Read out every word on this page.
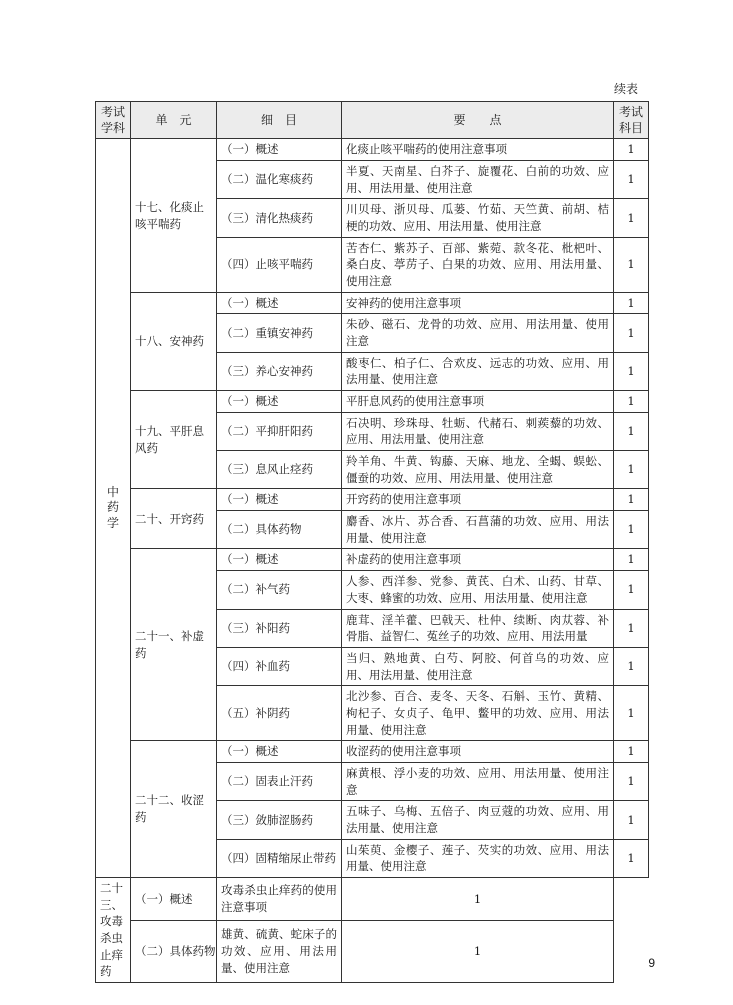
续表
考试学科	单　元	细　目	要　　点	考试科目

中药学	十七、化痰止咳平喘药	（一）概述	化痰止咳平喘药的使用注意事项	1
		（二）温化寒痰药	半夏、天南星、白芥子、旋覆花、白前的功效、应用、用法用量、使用注意	1
		（三）清化热痰药	川贝母、浙贝母、瓜蒌、竹茹、天竺黄、前胡、桔梗的功效、应用、用法用量、使用注意	1
		（四）止咳平喘药	苦杏仁、紫苏子、百部、紫菀、款冬花、枇杷叶、桑白皮、葶苈子、白果的功效、应用、用法用量、使用注意	1
	十八、安神药	（一）概述	安神药的使用注意事项	1
		（二）重镇安神药	朱砂、磁石、龙骨的功效、应用、用法用量、使用注意	1
		（三）养心安神药	酸枣仁、柏子仁、合欢皮、远志的功效、应用、用法用量、使用注意	1
	十九、平肝息风药	（一）概述	平肝息风药的使用注意事项	1
		（二）平抑肝阳药	石决明、珍珠母、牡蛎、代赭石、刺蒺藜的功效、应用、用法用量、使用注意	1
		（三）息风止痉药	羚羊角、牛黄、钩藤、天麻、地龙、全蝎、蜈蚣、僵蚕的功效、应用、用法用量、使用注意	1
	二十、开窍药	（一）概述	开窍药的使用注意事项	1
		（二）具体药物	麝香、冰片、苏合香、石菖蒲的功效、应用、用法用量、使用注意	1
	二十一、补虚药	（一）概述	补虚药的使用注意事项	1
		（二）补气药	人参、西洋参、党参、黄芪、白术、山药、甘草、大枣、蜂蜜的功效、应用、用法用量、使用注意	1
		（三）补阳药	鹿茸、淫羊藿、巴戟天、杜仲、续断、肉苁蓉、补骨脂、益智仁、菟丝子的功效、应用、用法用量	1
		（四）补血药	当归、熟地黄、白芍、阿胶、何首乌的功效、应用、用法用量、使用注意	1
		（五）补阴药	北沙参、百合、麦冬、天冬、石斛、玉竹、黄精、枸杞子、女贞子、龟甲、鳖甲的功效、应用、用法用量、使用注意	1
	二十二、收涩药	（一）概述	收涩药的使用注意事项	1
		（二）固表止汗药	麻黄根、浮小麦的功效、应用、用法用量、使用注意	1
		（三）敛肺涩肠药	五味子、乌梅、五倍子、肉豆蔻的功效、应用、用法用量、使用注意	1
		（四）固精缩尿止带药	山茱萸、金樱子、莲子、芡实的功效、应用、用法用量、使用注意	1
二十三、攻毒杀虫止痒药	（一）概述	攻毒杀虫止痒药的使用注意事项	1	
	（二）具体药物	雄黄、硫黄、蛇床子的功效、应用、用法用量、使用注意	1	
9
